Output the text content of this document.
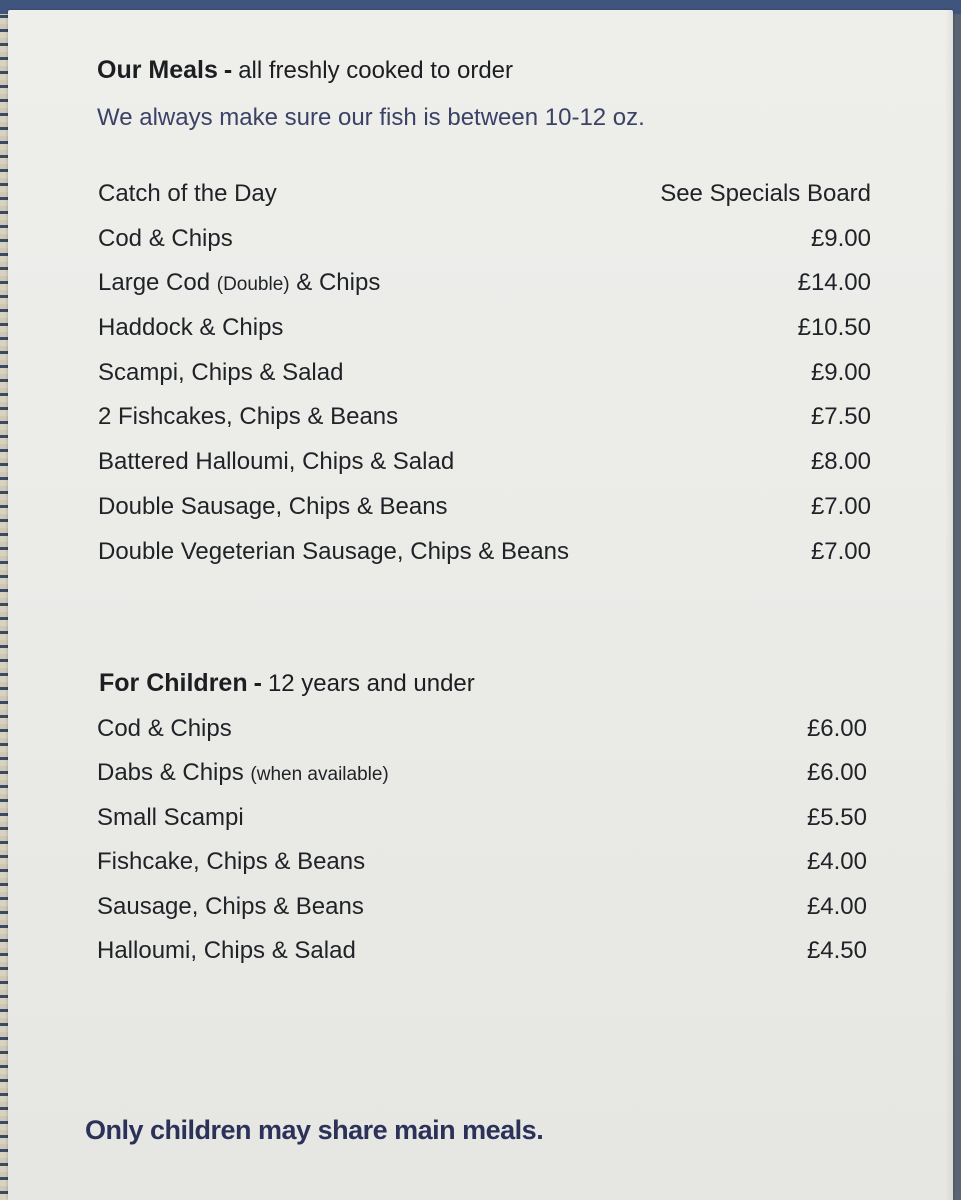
Our Meals - all freshly cooked to order
We always make sure our fish is between 10-12 oz.
Catch of the Day	See Specials Board
Cod & Chips	£9.00
Large Cod (Double) & Chips	£14.00
Haddock & Chips	£10.50
Scampi, Chips & Salad	£9.00
2 Fishcakes, Chips & Beans	£7.50
Battered Halloumi, Chips & Salad	£8.00
Double Sausage, Chips & Beans	£7.00
Double Vegeterian Sausage, Chips & Beans	£7.00
For Children - 12 years and under
Cod & Chips	£6.00
Dabs & Chips (when available)	£6.00
Small Scampi	£5.50
Fishcake, Chips & Beans	£4.00
Sausage, Chips & Beans	£4.00
Halloumi, Chips & Salad	£4.50
Only children may share main meals.
